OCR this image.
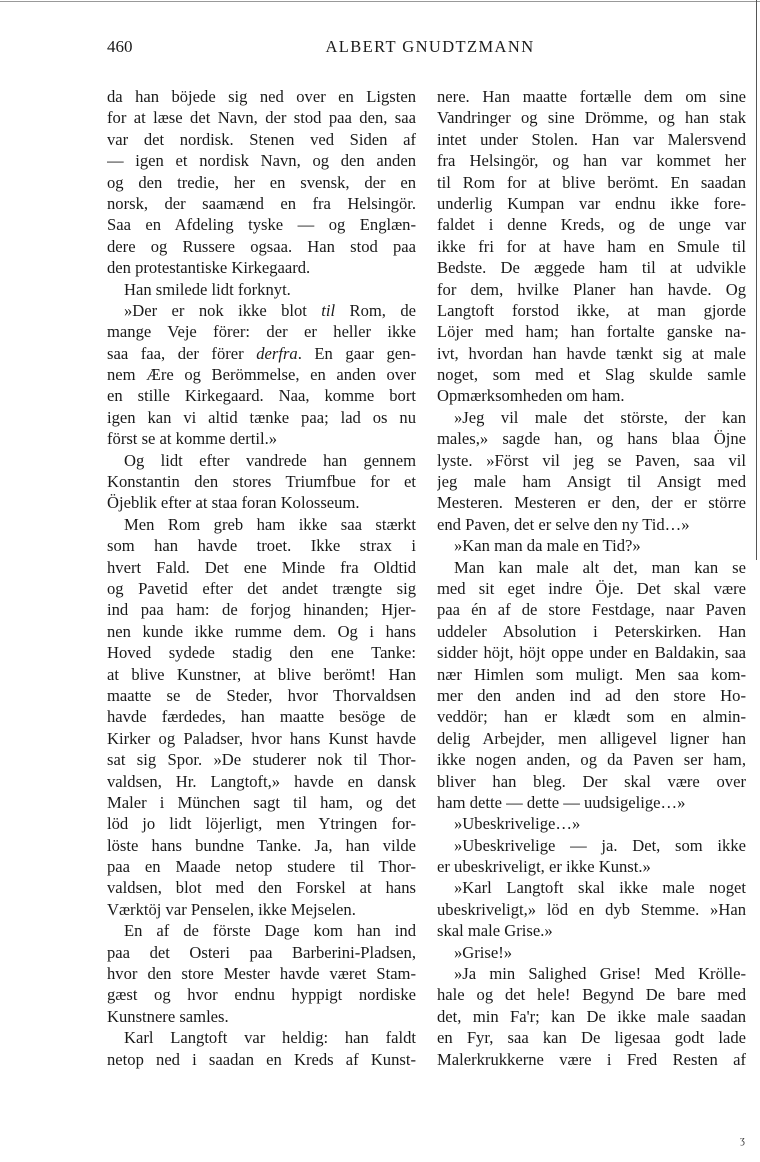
460	ALBERT GNUDTZMANN
da han böjede sig ned over en Ligsten
for at læse det Navn, der stod paa den, saa
var det nordisk. Stenen ved Siden af
— igen et nordisk Navn, og den anden
og den tredie, her en svensk, der en
norsk, der saamænd en fra Helsingör.
Saa en Afdeling tyske — og Englæn-
dere og Russere ogsaa. Han stod paa
den protestantiske Kirkegaard.
Han smilede lidt forknyt.
»Der er nok ikke blot til Rom, de
mange Veje förer: der er heller ikke
saa faa, der förer derfra. En gaar gen-
nem Ære og Berömmelse, en anden over
en stille Kirkegaard. Naa, komme bort
igen kan vi altid tænke paa; lad os nu
först se at komme dertil.»
Og lidt efter vandrede han gennem
Konstantin den stores Triumfbue for et
Öjeblik efter at staa foran Kolosseum.
Men Rom greb ham ikke saa stærkt
som han havde troet. Ikke strax i
hvert Fald. Det ene Minde fra Oldtid
og Pavetid efter det andet trængte sig
ind paa ham: de forjog hinanden; Hjer-
nen kunde ikke rumme dem. Og i hans
Hoved sydede stadig den ene Tanke:
at blive Kunstner, at blive berömt! Han
maatte se de Steder, hvor Thorvaldsen
havde færdedes, han maatte besöge de
Kirker og Paladser, hvor hans Kunst havde
sat sig Spor. »De studerer nok til Thor-
valdsen, Hr. Langtoft,» havde en dansk
Maler i München sagt til ham, og det
löd jo lidt löjerligt, men Ytringen for-
löste hans bundne Tanke. Ja, han vilde
paa en Maade netop studere til Thor-
valdsen, blot med den Forskel at hans
Værktöj var Penselen, ikke Mejselen.
En af de förste Dage kom han ind
paa det Osteri paa Barberini-Pladsen,
hvor den store Mester havde været Stam-
gæst og hvor endnu hyppigt nordiske
Kunstnere samles.
Karl Langtoft var heldig: han faldt
netop ned i saadan en Kreds af Kunst-
nere. Han maatte fortælle dem om sine
Vandringer og sine Drömme, og han stak
intet under Stolen. Han var Malersvend
fra Helsingör, og han var kommet her
til Rom for at blive berömt. En saadan
underlig Kumpan var endnu ikke fore-
faldet i denne Kreds, og de unge var
ikke fri for at have ham en Smule til
Bedste. De æggede ham til at udvikle
for dem, hvilke Planer han havde. Og
Langtoft forstod ikke, at man gjorde
Löjer med ham; han fortalte ganske na-
ivt, hvordan han havde tænkt sig at male
noget, som med et Slag skulde samle
Opmærksomheden om ham.
»Jeg vil male det störste, der kan
males,» sagde han, og hans blaa Öjne
lyste. »Först vil jeg se Paven, saa vil
jeg male ham Ansigt til Ansigt med
Mesteren. Mesteren er den, der er större
end Paven, det er selve den ny Tid…»
»Kan man da male en Tid?»
Man kan male alt det, man kan se
med sit eget indre Öje. Det skal være
paa én af de store Festdage, naar Paven
uddeler Absolution i Peterskirken. Han
sidder höjt, höjt oppe under en Baldakin, saa
nær Himlen som muligt. Men saa kom-
mer den anden ind ad den store Ho-
veddör; han er klædt som en almin-
delig Arbejder, men alligevel ligner han
ikke nogen anden, og da Paven ser ham,
bliver han bleg. Der skal være over
ham dette — dette — uudsigelige…»
»Ubeskrivelige…»
»Ubeskrivelige — ja. Det, som ikke
er ubeskriveligt, er ikke Kunst.»
»Karl Langtoft skal ikke male noget
ubeskriveligt,» löd en dyb Stemme. »Han
skal male Grise.»
»Grise!»
»Ja min Salighed Grise! Med Krölle-
hale og det hele! Begynd De bare med
det, min Fa'r; kan De ikke male saadan
en Fyr, saa kan De ligesaa godt lade
Malerkrukkerne være i Fred Resten af
ʒ
